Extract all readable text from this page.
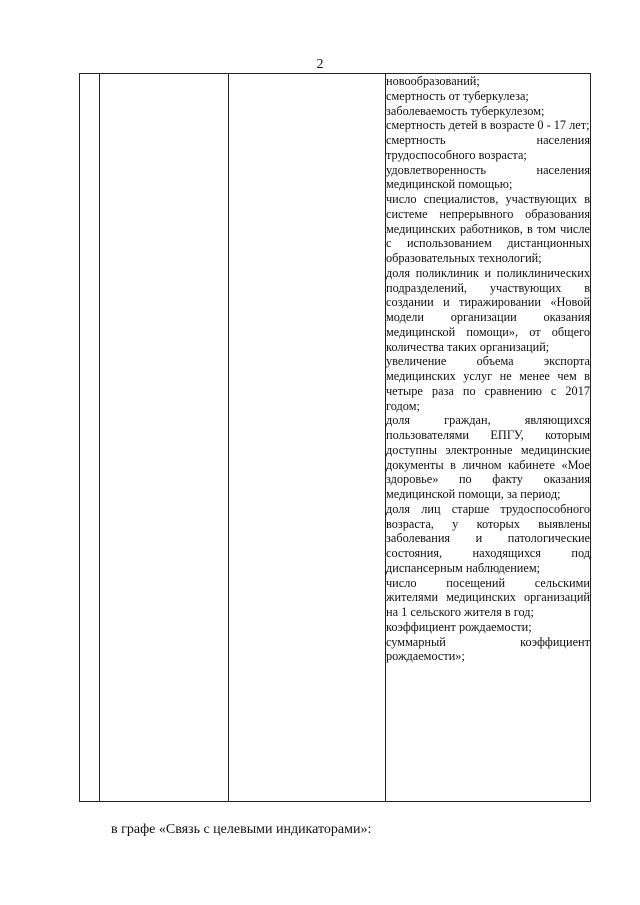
2

новообразований;
смертность от туберкулеза;
заболеваемость туберкулезом;
смертность детей в возрасте 0 - 17 лет;
смертность населения трудоспособного возраста;
удовлетворенность населения медицинской помощью;
число специалистов, участвующих в системе непрерывного образования медицинских работников, в том числе с использованием дистанционных образовательных технологий;
доля поликлиник и поликлинических подразделений, участвующих в создании и тиражировании «Новой модели организации оказания медицинской помощи», от общего количества таких организаций;
увеличение объема экспорта медицинских услуг не менее чем в четыре раза по сравнению с 2017 годом;
доля граждан, являющихся пользователями ЕПГУ, которым доступны электронные медицинские документы в личном кабинете «Мое здоровье» по факту оказания медицинской помощи, за период;
доля лиц старше трудоспособного возраста, у которых выявлены заболевания и патологические состояния, находящихся под диспансерным наблюдением;
число посещений сельскими жителями медицинских организаций на 1 сельского жителя в год;
коэффициент рождаемости;
суммарный коэффициент рождаемости»;
в графе «Связь с целевыми индикаторами»:
